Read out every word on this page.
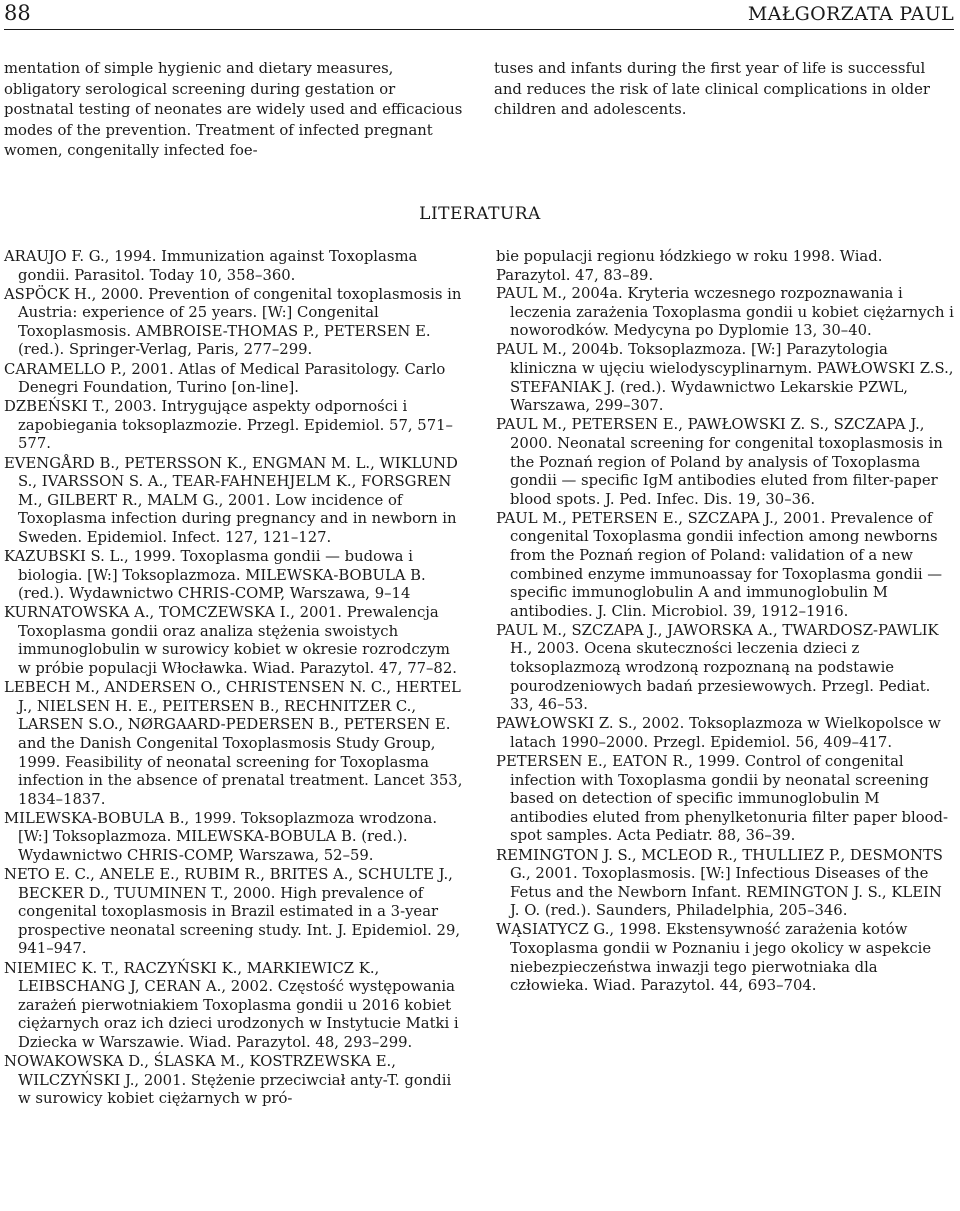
88	MAŁGORZATA PAUL

mentation of simple hygienic and dietary measures, obligatory serological screening during gestation or postnatal testing of neonates are widely used and efficacious modes of the prevention. Treatment of infected pregnant women, congenitally infected foe-

tuses and infants during the first year of life is successful and reduces the risk of late clinical complications in older children and adolescents.

LITERATURA

ARAUJO F. G., 1994. Immunization against Toxoplasma gondii. Parasitol. Today 10, 358–360.

ASPÖCK H., 2000. Prevention of congenital toxoplasmosis in Austria: experience of 25 years. [W:] Congenital Toxoplasmosis. AMBROISE-THOMAS P., PETERSEN E. (red.). Springer-Verlag, Paris, 277–299.

CARAMELLO P., 2001. Atlas of Medical Parasitology. Carlo Denegri Foundation, Turino [on-line].

DZBEŃSKI T., 2003. Intrygujące aspekty odporności i zapobiegania toksoplazmozie. Przegl. Epidemiol. 57, 571–577.

EVENGÅRD B., PETERSSON K., ENGMAN M. L., WIKLUND S., IVARSSON S. A., TEAR-FAHNEHJELM K., FORSGREN M., GILBERT R., MALM G., 2001. Low incidence of Toxoplasma infection during pregnancy and in newborn in Sweden. Epidemiol. Infect. 127, 121–127.

KAZUBSKI S. L., 1999. Toxoplasma gondii — budowa i biologia. [W:] Toksoplazmoza. MILEWSKA-BOBULA B. (red.). Wydawnictwo CHRIS-COMP, Warszawa, 9–14

KURNATOWSKA A., TOMCZEWSKA I., 2001. Prewalencja Toxoplasma gondii oraz analiza stężenia swoistych immunoglobulin w surowicy kobiet w okresie rozrodczym w próbie populacji Włocławka. Wiad. Parazytol. 47, 77–82.

LEBECH M., ANDERSEN O., CHRISTENSEN N. C., HERTEL J., NIELSEN H. E., PEITERSEN B., RECHNITZER C., LARSEN S.O., NØRGAARD-PEDERSEN B., PETERSEN E. and the Danish Congenital Toxoplasmosis Study Group, 1999. Feasibility of neonatal screening for Toxoplasma infection in the absence of prenatal treatment. Lancet 353, 1834–1837.

MILEWSKA-BOBULA B., 1999. Toksoplazmoza wrodzona. [W:] Toksoplazmoza. MILEWSKA-BOBULA B. (red.). Wydawnictwo CHRIS-COMP, Warszawa, 52–59.

NETO E. C., ANELE E., RUBIM R., BRITES A., SCHULTE J., BECKER D., TUUMINEN T., 2000. High prevalence of congenital toxoplasmosis in Brazil estimated in a 3-year prospective neonatal screening study. Int. J. Epidemiol. 29, 941–947.

NIEMIEC K. T., RACZYŃSKI K., MARKIEWICZ K., LEIBSCHANG J, CERAN A., 2002. Częstość występowania zarażeń pierwotniakiem Toxoplasma gondii u 2016 kobiet ciężarnych oraz ich dzieci urodzonych w Instytucie Matki i Dziecka w Warszawie. Wiad. Parazytol. 48, 293–299.

NOWAKOWSKA D., ŚLASKA M., KOSTRZEWSKA E., WILCZYŃSKI J., 2001. Stężenie przeciwciał anty-T. gondii w surowicy kobiet ciężarnych w pró-

bie populacji regionu łódzkiego w roku 1998. Wiad. Parazytol. 47, 83–89.

PAUL M., 2004a. Kryteria wczesnego rozpoznawania i leczenia zarażenia Toxoplasma gondii u kobiet ciężarnych i noworodków. Medycyna po Dyplomie 13, 30–40.

PAUL M., 2004b. Toksoplazmoza. [W:] Parazytologia kliniczna w ujęciu wielodyscyplinarnym. PAWŁOWSKI Z.S., STEFANIAK J. (red.). Wydawnictwo Lekarskie PZWL, Warszawa, 299–307.

PAUL M., PETERSEN E., PAWŁOWSKI Z. S., SZCZAPA J., 2000. Neonatal screening for congenital toxoplasmosis in the Poznań region of Poland by analysis of Toxoplasma gondii — specific IgM antibodies eluted from filter-paper blood spots. J. Ped. Infec. Dis. 19, 30–36.

PAUL M., PETERSEN E., SZCZAPA J., 2001. Prevalence of congenital Toxoplasma gondii infection among newborns from the Poznań region of Poland: validation of a new combined enzyme immunoassay for Toxoplasma gondii — specific immunoglobulin A and immunoglobulin M antibodies. J. Clin. Microbiol. 39, 1912–1916.

PAUL M., SZCZAPA J., JAWORSKA A., TWARDOSZ-PAWLIK H., 2003. Ocena skuteczności leczenia dzieci z toksoplazmozą wrodzoną rozpoznaną na podstawie pourodzeniowych badań przesiewowych. Przegl. Pediat. 33, 46–53.

PAWŁOWSKI Z. S., 2002. Toksoplazmoza w Wielkopolsce w latach 1990–2000. Przegl. Epidemiol. 56, 409–417.

PETERSEN E., EATON R., 1999. Control of congenital infection with Toxoplasma gondii by neonatal screening based on detection of specific immunoglobulin M antibodies eluted from phenylketonuria filter paper blood-spot samples. Acta Pediatr. 88, 36–39.

REMINGTON J. S., MCLEOD R., THULLIEZ P., DESMONTS G., 2001. Toxoplasmosis. [W:] Infectious Diseases of the Fetus and the Newborn Infant. REMINGTON J. S., KLEIN J. O. (red.). Saunders, Philadelphia, 205–346.

WĄSIATYCZ G., 1998. Ekstensywność zarażenia kotów Toxoplasma gondii w Poznaniu i jego okolicy w aspekcie niebezpieczeństwa inwazji tego pierwotniaka dla człowieka. Wiad. Parazytol. 44, 693–704.
